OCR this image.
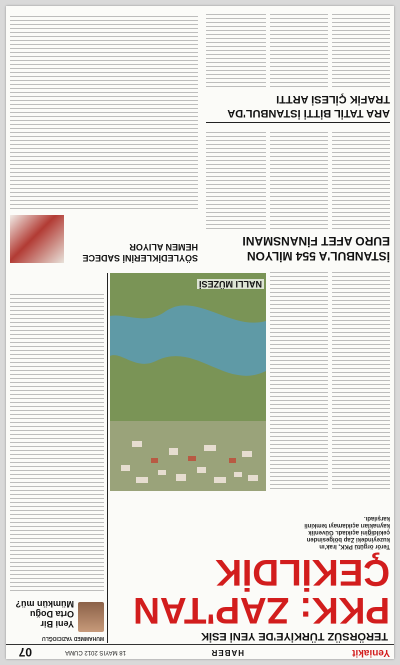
Yeniakit
HABER
18 MAYIS 2012 CUMA
07
TERÖRSÜZ TÜRKİYE'DE YENİ ESİK
PKK: ZAP'TAN
ÇEKİLDİK
Terör örgütü PKK, Irak'ın kuzeyindeki Zap bölgesinden çekildiğini açıkladı. Güvenlik kaynakları açıklamayı temkinli karşıladı.
MUHAMMED YAZICIOĞLU
Yeni Bir
Orta Doğu
Mümkün mü?
SÖYLEDİKLERİNİ SADECE
HEMEN ALIYOR
NALLI MÜZESİ
İSTANBUL'A 554 MİLYON
EURO AFET FİNANSMANI
ARA TATİL BİTTİ İSTANBUL'DA
TRAFİK ÇİLESİ ARTTI
